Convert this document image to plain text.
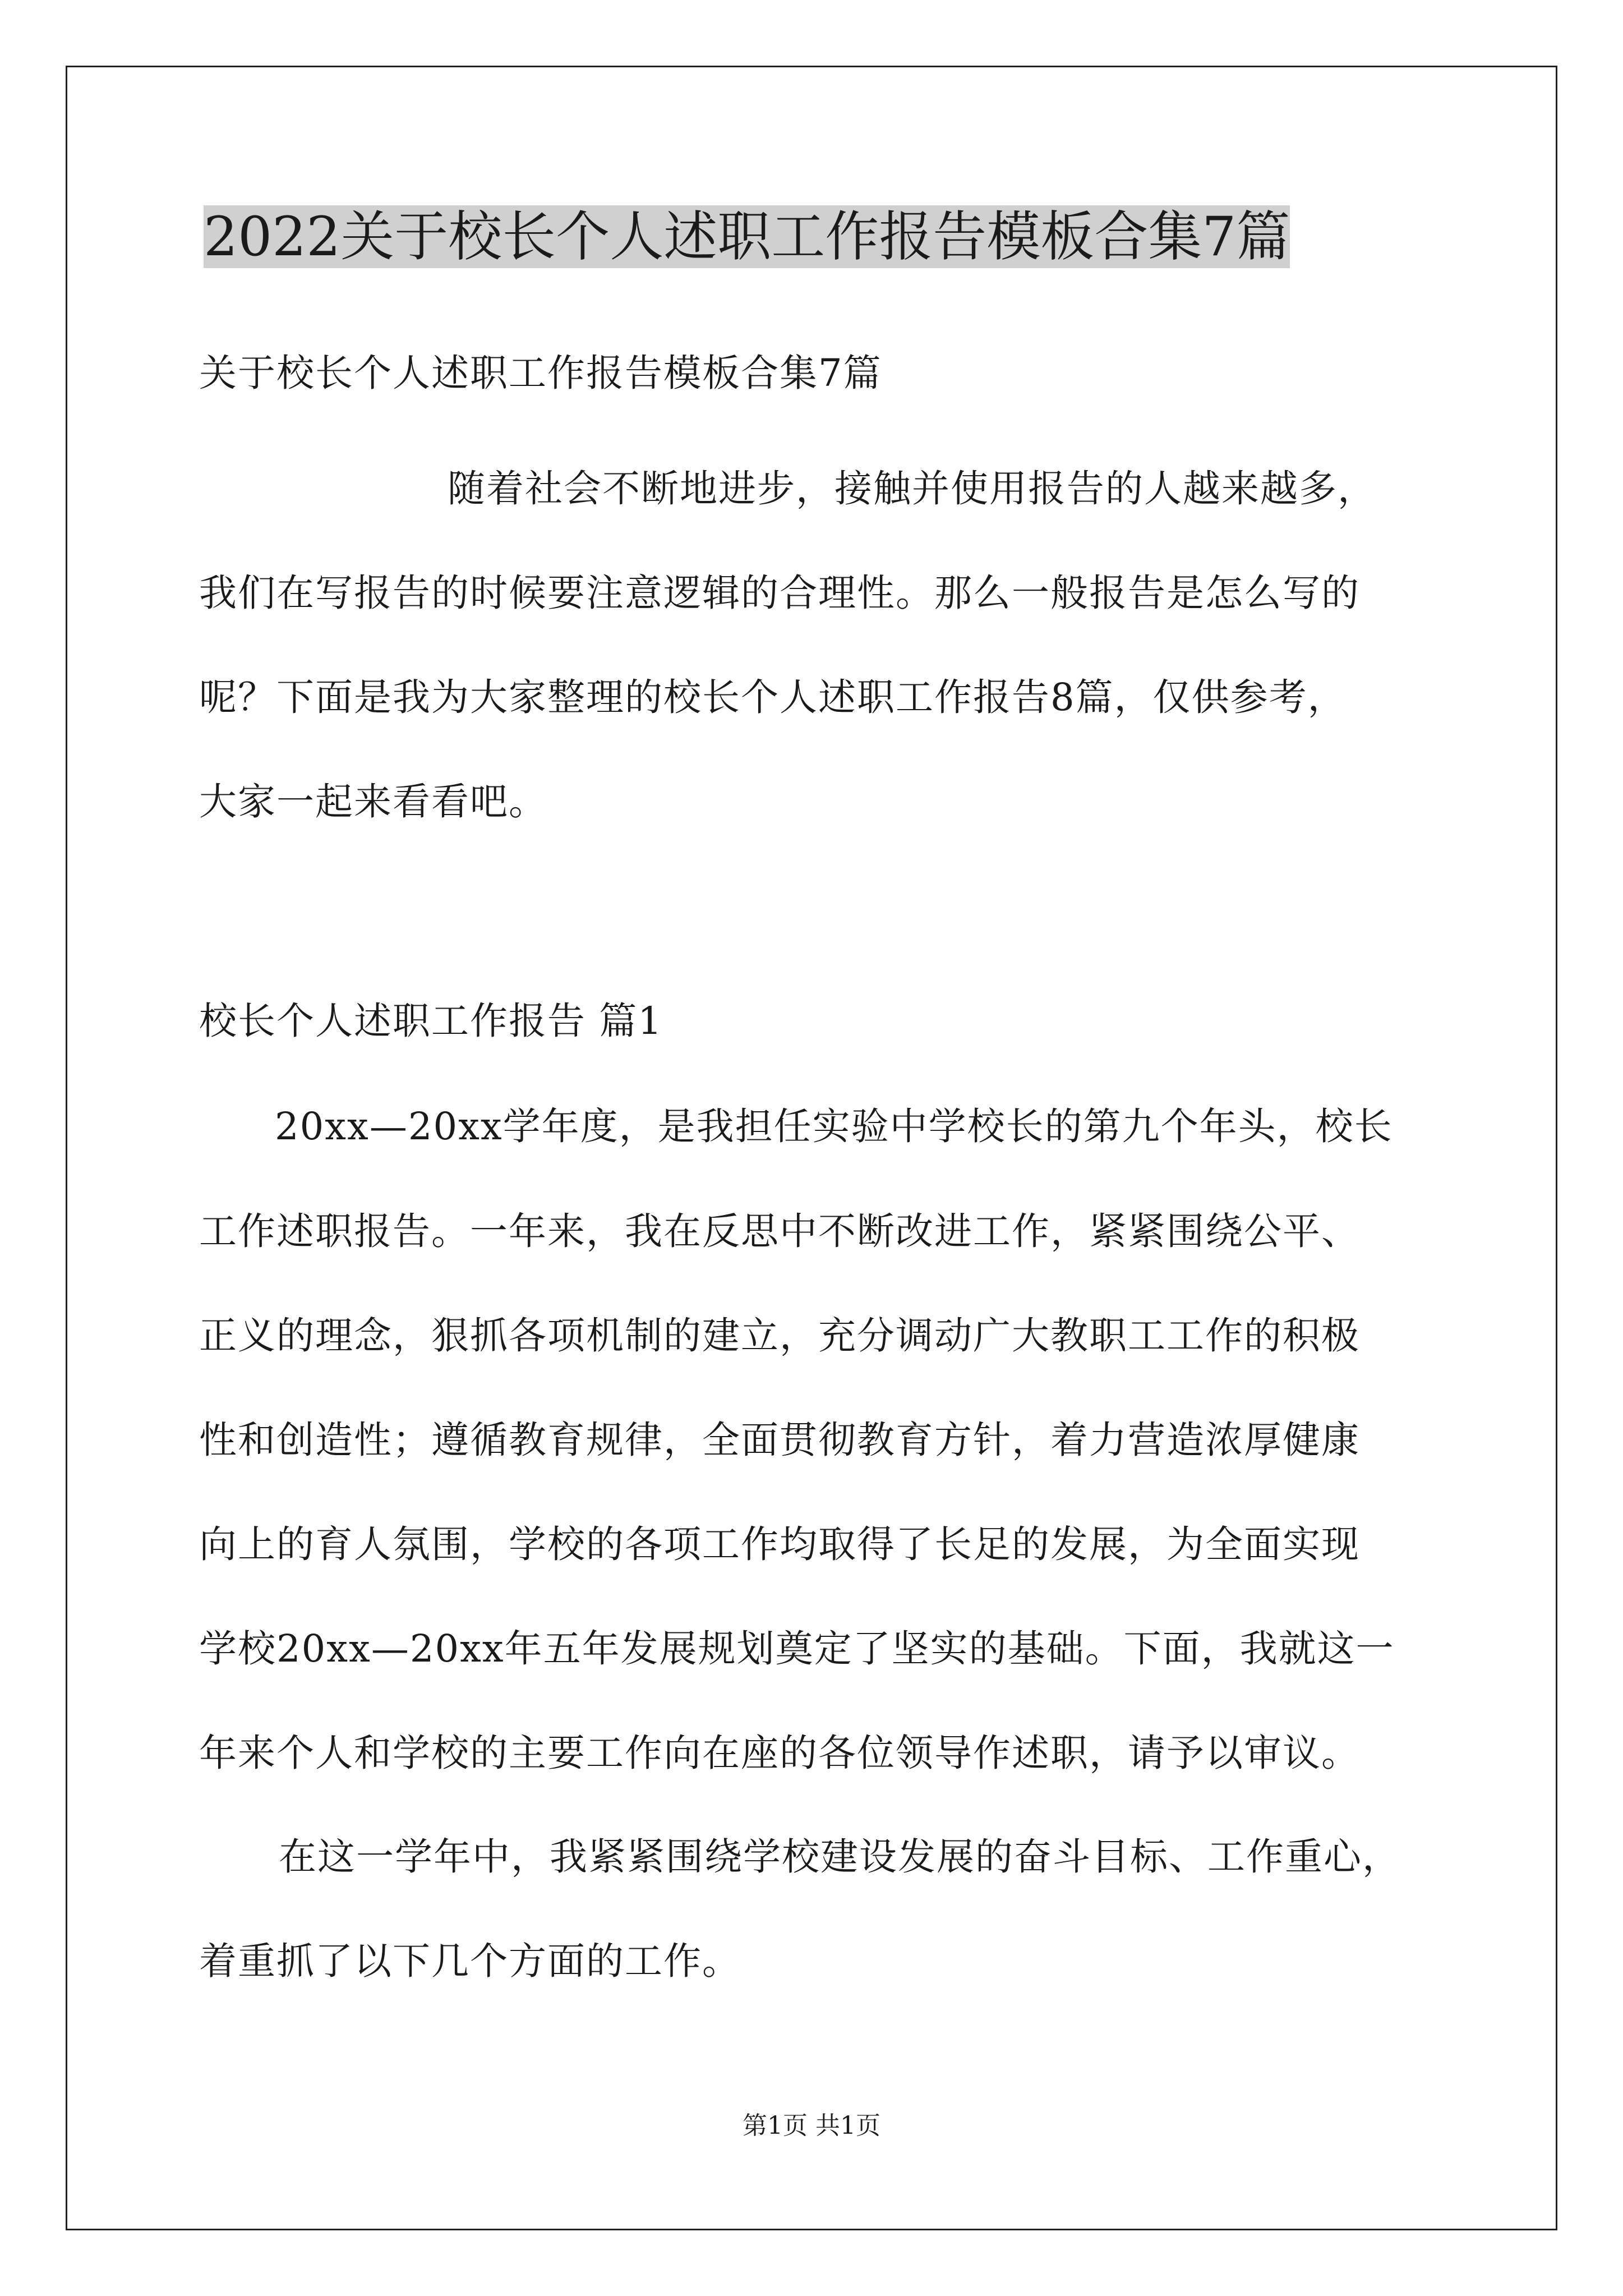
2022关于校长个人述职工作报告模板合集7篇
关于校长个人述职工作报告模板合集7篇
随着社会不断地进步，接触并使用报告的人越来越多，
我们在写报告的时候要注意逻辑的合理性。那么一般报告是怎么写的
呢？下面是我为大家整理的校长个人述职工作报告8篇，仅供参考，
大家一起来看看吧。
校长个人述职工作报告 篇1
20xx—20xx学年度，是我担任实验中学校长的第九个年头，校长
工作述职报告。一年来，我在反思中不断改进工作，紧紧围绕公平、
正义的理念，狠抓各项机制的建立，充分调动广大教职工工作的积极
性和创造性；遵循教育规律，全面贯彻教育方针，着力营造浓厚健康
向上的育人氛围，学校的各项工作均取得了长足的发展，为全面实现
学校20xx—20xx年五年发展规划奠定了坚实的基础。下面，我就这一
年来个人和学校的主要工作向在座的各位领导作述职，请予以审议。
在这一学年中，我紧紧围绕学校建设发展的奋斗目标、工作重心，
着重抓了以下几个方面的工作。
第1页 共1页
